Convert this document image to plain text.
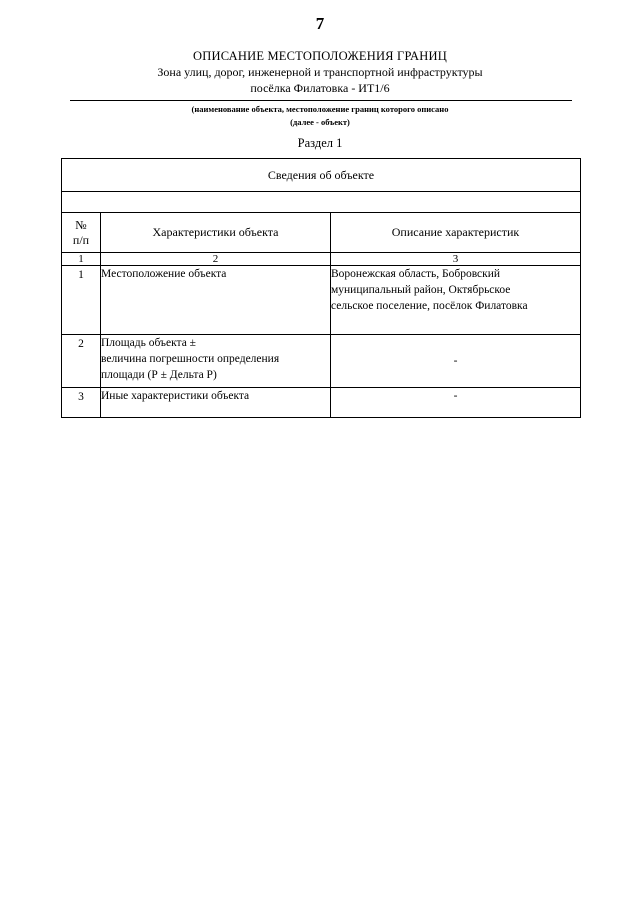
7
ОПИСАНИЕ МЕСТОПОЛОЖЕНИЯ ГРАНИЦ
Зона улиц, дорог, инженерной и транспортной инфраструктуры
посёлка Филатовка - ИТ1/6
(наименование объекта, местоположение границ которого описано
(далее - объект)
Раздел 1
Сведения об объекте		

№
п/п	Характеристики объекта	Описание характеристик
1	2	3
1	Местоположение объекта	Воронежская область, Бобровский
муниципальный район, Октябрьское
сельское поселение, посёлок Филатовка

2	Площадь объекта ±
величина погрешности определения
площади (Р ± Дельта Р)	-
3	Иные характеристики объекта	-
